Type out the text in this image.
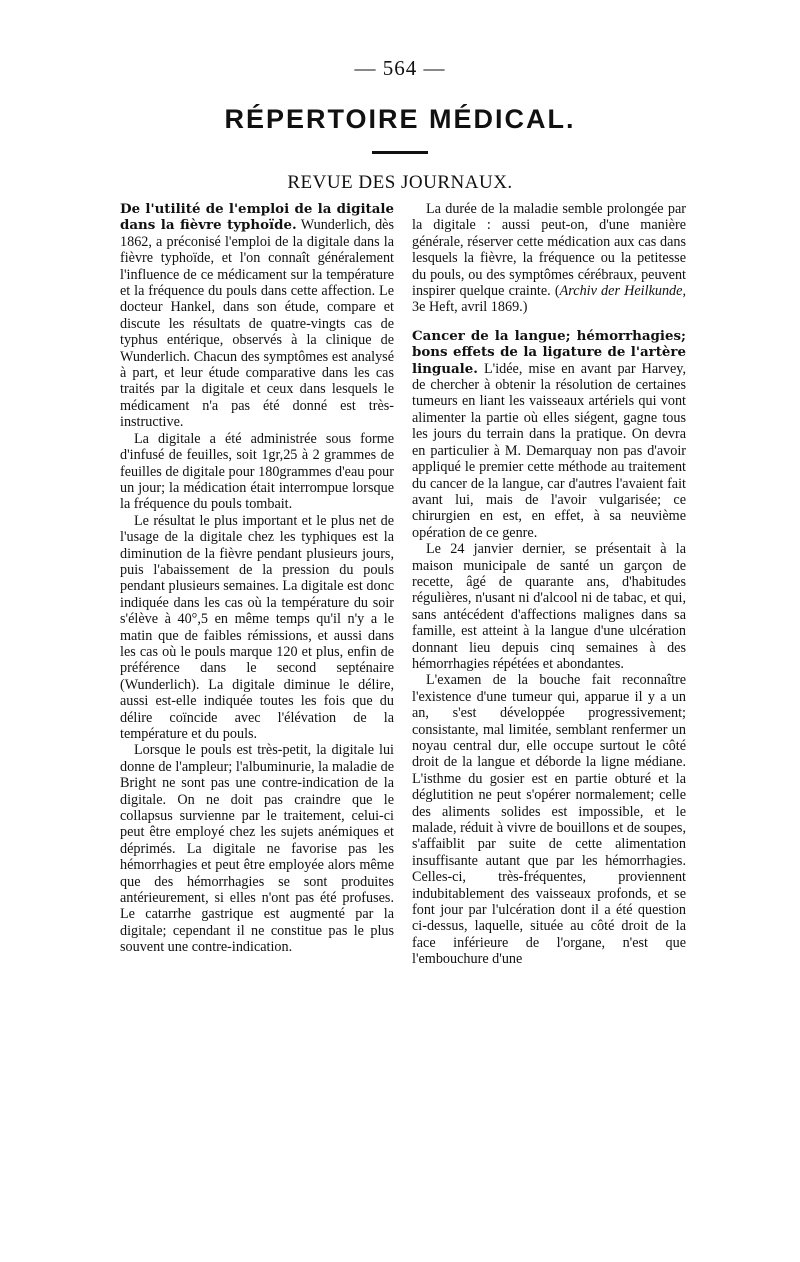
— 564 —
RÉPERTOIRE MÉDICAL.
REVUE DES JOURNAUX.

De l'utilité de l'emploi de la digitale dans la fièvre typhoïde. Wunderlich, dès 1862, a préconisé l'emploi de la digitale dans la fièvre typhoïde, et l'on connaît généralement l'influence de ce médicament sur la température et la fréquence du pouls dans cette affection. Le docteur Hankel, dans son étude, compare et discute les résultats de quatre-vingts cas de typhus entérique, observés à la clinique de Wunderlich. Chacun des symptômes est analysé à part, et leur étude comparative dans les cas traités par la digitale et ceux dans lesquels le médicament n'a pas été donné est très-instructive.

La digitale a été administrée sous forme d'infusé de feuilles, soit 1gr,25 à 2 grammes de feuilles de digitale pour 180grammes d'eau pour un jour; la médication était interrompue lorsque la fréquence du pouls tombait.

Le résultat le plus important et le plus net de l'usage de la digitale chez les typhiques est la diminution de la fièvre pendant plusieurs jours, puis l'abaissement de la pression du pouls pendant plusieurs semaines. La digitale est donc indiquée dans les cas où la température du soir s'élève à 40°,5 en même temps qu'il n'y a le matin que de faibles rémissions, et aussi dans les cas où le pouls marque 120 et plus, enfin de préférence dans le second septénaire (Wunderlich). La digitale diminue le délire, aussi est-elle indiquée toutes les fois que du délire coïncide avec l'élévation de la température et du pouls.

Lorsque le pouls est très-petit, la digitale lui donne de l'ampleur; l'albuminurie, la maladie de Bright ne sont pas une contre-indication de la digitale. On ne doit pas craindre que le collapsus survienne par le traitement, celui-ci peut être employé chez les sujets anémiques et déprimés. La digitale ne favorise pas les hémorrhagies et peut être employée alors même que des hémorrhagies se sont produites antérieurement, si elles n'ont pas été profuses. Le catarrhe gastrique est augmenté par la digitale; cependant il ne constitue pas le plus souvent une contre-indication.

La durée de la maladie semble prolongée par la digitale : aussi peut-on, d'une manière générale, réserver cette médication aux cas dans lesquels la fièvre, la fréquence ou la petitesse du pouls, ou des symptômes cérébraux, peuvent inspirer quelque crainte. (Archiv der Heilkunde, 3e Heft, avril 1869.)

Cancer de la langue; hémorrhagies; bons effets de la ligature de l'artère linguale. L'idée, mise en avant par Harvey, de chercher à obtenir la résolution de certaines tumeurs en liant les vaisseaux artériels qui vont alimenter la partie où elles siégent, gagne tous les jours du terrain dans la pratique. On devra en particulier à M. Demarquay non pas d'avoir appliqué le premier cette méthode au traitement du cancer de la langue, car d'autres l'avaient fait avant lui, mais de l'avoir vulgarisée; ce chirurgien en est, en effet, à sa neuvième opération de ce genre.

Le 24 janvier dernier, se présentait à la maison municipale de santé un garçon de recette, âgé de quarante ans, d'habitudes régulières, n'usant ni d'alcool ni de tabac, et qui, sans antécédent d'affections malignes dans sa famille, est atteint à la langue d'une ulcération donnant lieu depuis cinq semaines à des hémorrhagies répétées et abondantes.

L'examen de la bouche fait reconnaître l'existence d'une tumeur qui, apparue il y a un an, s'est développée progressivement; consistante, mal limitée, semblant renfermer un noyau central dur, elle occupe surtout le côté droit de la langue et déborde la ligne médiane. L'isthme du gosier est en partie obturé et la déglutition ne peut s'opérer normalement; celle des aliments solides est impossible, et le malade, réduit à vivre de bouillons et de soupes, s'affaiblit par suite de cette alimentation insuffisante autant que par les hémorrhagies. Celles-ci, très-fréquentes, proviennent indubitablement des vaisseaux profonds, et se font jour par l'ulcération dont il a été question ci-dessus, laquelle, située au côté droit de la face inférieure de l'organe, n'est que l'embouchure d'une
